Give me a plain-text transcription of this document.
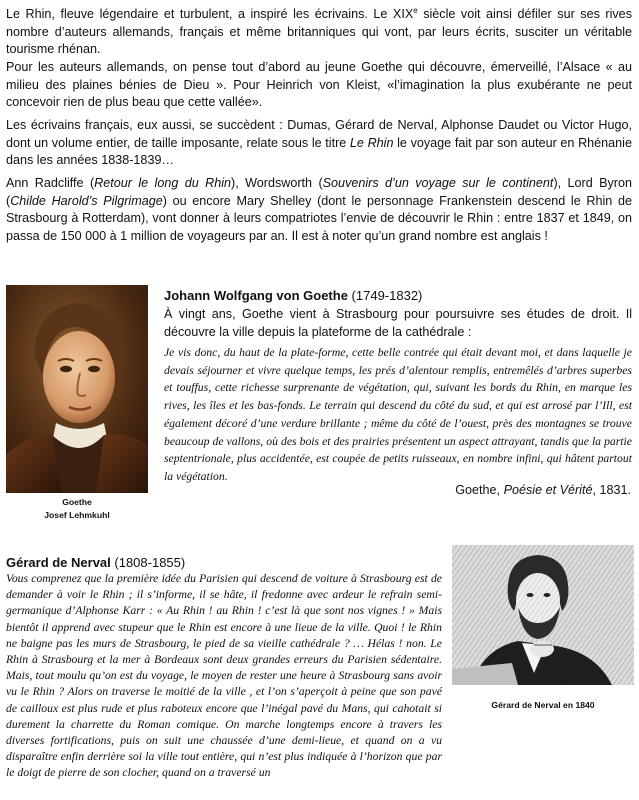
Le Rhin, fleuve légendaire et turbulent, a inspiré les écrivains. Le XIXe siècle voit ainsi défiler sur ses rives nombre d’auteurs allemands, français et même britanniques qui vont, par leurs écrits, susciter un véritable tourisme rhénan.

Pour les auteurs allemands, on pense tout d’abord au jeune Goethe qui découvre, émerveillé, l’Alsace « au milieu des plaines bénies de Dieu ». Pour Heinrich von Kleist, «l’imagination la plus exubérante ne peut concevoir rien de plus beau que cette vallée».

Les écrivains français, eux aussi, se succèdent : Dumas, Gérard de Nerval, Alphonse Daudet ou Victor Hugo, dont un volume entier, de taille imposante, relate sous le titre Le Rhin le voyage fait par son auteur en Rhénanie dans les années 1838-1839…

Ann Radcliffe (Retour le long du Rhin), Wordsworth (Souvenirs d’un voyage sur le continent), Lord Byron (Childe Harold’s Pilgrimage) ou encore Mary Shelley (dont le personnage Frankenstein descend le Rhin de Strasbourg à Rotterdam), vont donner à leurs compatriotes l’envie de découvrir le Rhin : entre 1837 et 1849, on passa de 150 000 à 1 million de voyageurs par an. Il est à noter qu’un grand nombre est anglais !

Goethe
Josef Lehmkuhl

Johann Wolfgang von Goethe (1749-1832)

À vingt ans, Goethe vient à Strasbourg pour poursuivre ses études de droit. Il découvre la ville depuis la plateforme de la cathédrale :

Je vis donc, du haut de la plate-forme, cette belle contrée qui était devant moi, et dans laquelle je devais séjourner et vivre quelque temps, les prés d’alentour remplis, entremêlés d’arbres superbes et touffus, cette richesse surprenante de végétation, qui, suivant les bords du Rhin, en marque les rives, les îles et les bas-fonds. Le terrain qui descend du côté du sud, et qui est arrosé par l’Ill, est également décoré d’une verdure brillante ; même du côté de l’ouest, près des montagnes se trouve beaucoup de vallons, où des bois et des prairies présentent un aspect attrayant, tandis que la partie septentrionale, plus accidentée, est coupée de petits ruisseaux, en nombre infini, qui hâtent partout la végétation.

Goethe, Poésie et Vérité, 1831.

Gérard de Nerval (1808-1855)

Gérard de Nerval en 1840

Vous comprenez que la première idée du Parisien qui descend de voiture à Strasbourg est de demander à voir le Rhin ; il s’informe, il se hâte, il fredonne avec ardeur le refrain semi-germanique d’Alphonse Karr : « Au Rhin ! au Rhin ! c’est là que sont nos vignes ! » Mais bientôt il apprend avec stupeur que le Rhin est encore à une lieue de la ville. Quoi ! le Rhin ne baigne pas les murs de Strasbourg, le pied de sa vieille cathédrale ? … Hélas ! non. Le Rhin à Strasbourg et la mer à Bordeaux sont deux grandes erreurs du Parisien sédentaire. Mais, tout moulu qu’on est du voyage, le moyen de rester une heure à Strasbourg sans avoir vu le Rhin ? Alors on traverse le moitié de la ville , et l’on s’aperçoit à peine que son pavé de cailloux est plus rude et plus raboteux encore que l’inégal pavé du Mans, qui cahotait si durement la charrette du Roman comique. On marche longtemps encore à travers les diverses fortifications, puis on suit une chaussée d’une demi-lieue, et quand on a vu disparaître enfin derrière soi la ville tout entière, qui n’est plus indiquée à l’horizon que par le doigt de pierre de son clocher, quand on a traversé un
